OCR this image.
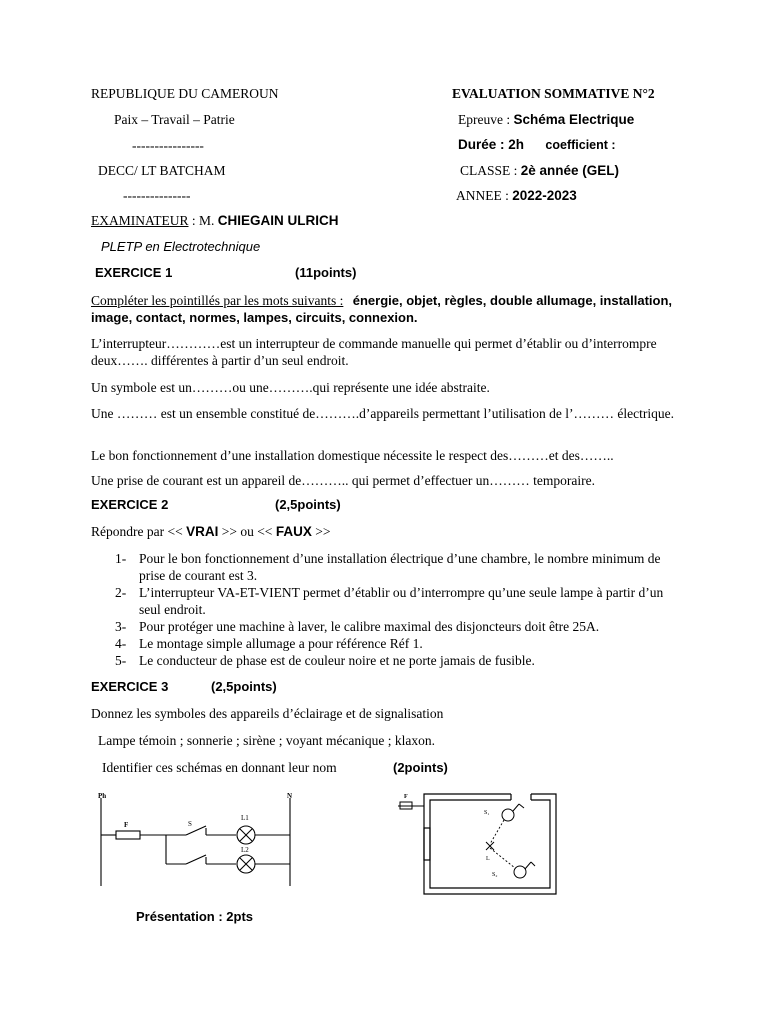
REPUBLIQUE DU CAMEROUN
Paix – Travail – Patrie
----------------
DECC/ LT BATCHAM
---------------
EVALUATION SOMMATIVE N°2
Epreuve : Schéma Electrique
Durée : 2h coefficient :
CLASSE : 2è année (GEL)
ANNEE : 2022-2023
EXAMINATEUR : M. CHIEGAIN ULRICH
PLETP en Electrotechnique
EXERCICE 1	(11points)
Compléter les pointillés par les mots suivants : énergie, objet, règles, double allumage, installation, image, contact, normes, lampes, circuits, connexion.
L’interrupteur…………est un interrupteur de commande manuelle qui permet d’établir ou d’interrompre deux……. différentes à partir d’un seul endroit.
Un symbole est un………ou une……….qui représente une idée abstraite.
Une ……… est un ensemble constitué de……….d’appareils permettant l’utilisation de l’……… électrique.
Le bon fonctionnement d’une installation domestique nécessite le respect des………et des……..
Une prise de courant est un appareil de……….. qui permet d’effectuer un……… temporaire.
EXERCICE 2	(2,5points)
Répondre par << VRAI >> ou << FAUX >>
1- Pour le bon fonctionnement d’une installation électrique d’une chambre, le nombre minimum de prise de courant est 3.
2- L’interrupteur VA-ET-VIENT permet d’établir ou d’interrompre qu’une seule lampe à partir d’un seul endroit.
3- Pour protéger une machine à laver, le calibre maximal des disjoncteurs doit être 25A.
4- Le montage simple allumage a pour référence Réf 1.
5- Le conducteur de phase est de couleur noire et ne porte jamais de fusible.
EXERCICE 3	(2,5points)
Donnez les symboles des appareils d’éclairage et de signalisation
Lampe témoin ; sonnerie ; sirène ; voyant mécanique ; klaxon.
Identifier ces schémas en donnant leur nom	(2points)
Ph	N
F	S
L1
L2
F
S₁
L
S₂
Présentation : 2pts
